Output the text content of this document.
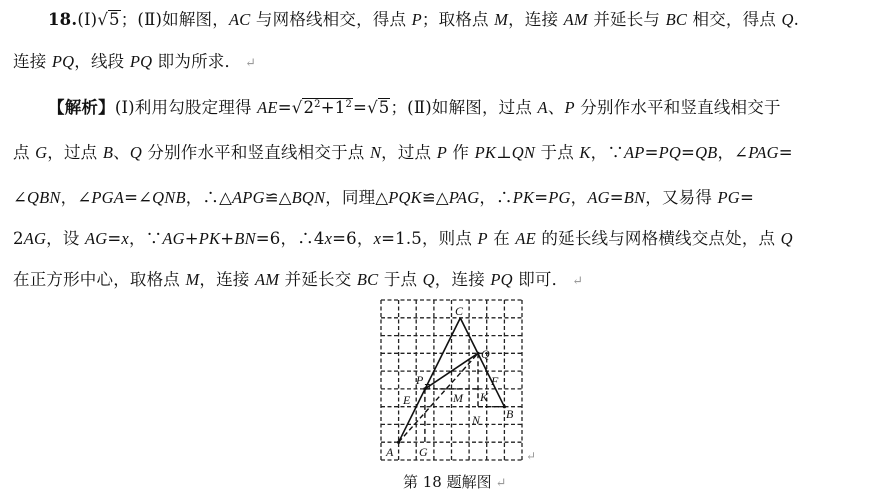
18.(Ⅰ)√5；(Ⅱ)如解图，AC 与网格线相交，得点 P；取格点 M，连接 AM 并延长与 BC 相交，得点 Q.
连接 PQ，线段 PQ 即为所求． ↵
【解析】(Ⅰ)利用勾股定理得 $AE=√2^2+1^2=√5$；(Ⅱ)如解图，过点 A、P 分别作水平和竖直线相交于
点 G，过点 B、Q 分别作水平和竖直线相交于点 N，过点 P 作 PK⊥QN 于点 K，∵AP=PQ=QB，∠PAG=
∠QBN，∠PGA=∠QNB，∴△APG≌△BQN，同理△PQK≌△PAG，∴PK=PG，AG=BN，又易得 PG=
2AG，设 AG=x，∵AG+PK+BN=6，∴4x=6，x=1.5，则点 P 在 AE 的延长线与网格横线交点处，点 Q
在正方形中心，取格点 M，连接 AM 并延长交 BC 于点 Q，连接 PQ 即可． ↵
C
Q
P	F
E	M K
B
N
A G	↵
第 18 题解图 ↵
